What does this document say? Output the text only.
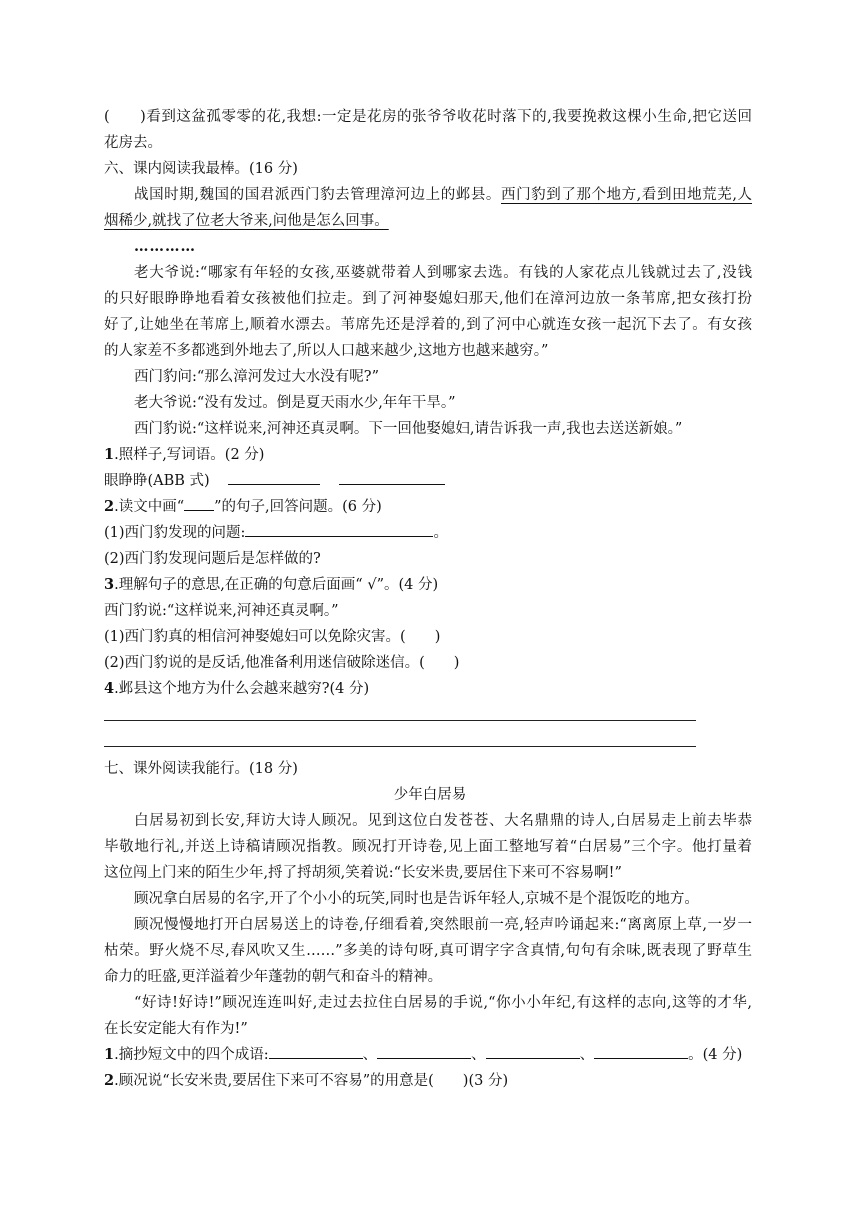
(　　)看到这盆孤零零的花,我想:一定是花房的张爷爷收花时落下的,我要挽救这棵小生命,把它送回
花房去。
六、课内阅读我最棒。(16 分)
战国时期,魏国的国君派西门豹去管理漳河边上的邺县。西门豹到了那个地方,看到田地荒芜,人
烟稀少,就找了位老大爷来,问他是怎么回事。
…………
老大爷说:“哪家有年轻的女孩,巫婆就带着人到哪家去选。有钱的人家花点儿钱就过去了,没钱
的只好眼睁睁地看着女孩被他们拉走。到了河神娶媳妇那天,他们在漳河边放一条苇席,把女孩打扮
好了,让她坐在苇席上,顺着水漂去。苇席先还是浮着的,到了河中心就连女孩一起沉下去了。有女孩
的人家差不多都逃到外地去了,所以人口越来越少,这地方也越来越穷。”
西门豹问:“那么漳河发过大水没有呢?”
老大爷说:“没有发过。倒是夏天雨水少,年年干旱。”
西门豹说:“这样说来,河神还真灵啊。下一回他娶媳妇,请告诉我一声,我也去送送新娘。”
1.照样子,写词语。(2 分)
眼睁睁(ABB 式)
2.读文中画“ ”的句子,回答问题。(6 分)
(1)西门豹发现的问题:	。
(2)西门豹发现问题后是怎样做的?
3.理解句子的意思,在正确的句意后面画“ √”。(4 分)
西门豹说:“这样说来,河神还真灵啊。”
(1)西门豹真的相信河神娶媳妇可以免除灾害。(　　)
(2)西门豹说的是反话,他准备利用迷信破除迷信。(　　)
4.邺县这个地方为什么会越来越穷?(4 分)
七、课外阅读我能行。(18 分)
少年白居易
白居易初到长安,拜访大诗人顾况。见到这位白发苍苍、大名鼎鼎的诗人,白居易走上前去毕恭
毕敬地行礼,并送上诗稿请顾况指教。顾况打开诗卷,见上面工整地写着“白居易”三个字。他打量着
这位闯上门来的陌生少年,捋了捋胡须,笑着说:“长安米贵,要居住下来可不容易啊!”
顾况拿白居易的名字,开了个小小的玩笑,同时也是告诉年轻人,京城不是个混饭吃的地方。
顾况慢慢地打开白居易送上的诗卷,仔细看着,突然眼前一亮,轻声吟诵起来:“离离原上草,一岁一
枯荣。野火烧不尽,春风吹又生……”多美的诗句呀,真可谓字字含真情,句句有余味,既表现了野草生
命力的旺盛,更洋溢着少年蓬勃的朝气和奋斗的精神。
“好诗!好诗!”顾况连连叫好,走过去拉住白居易的手说,“你小小年纪,有这样的志向,这等的才华,
在长安定能大有作为!”
1.摘抄短文中的四个成语:	、	、	、	。(4 分)
2.顾况说“长安米贵,要居住下来可不容易”的用意是(　　)(3 分)
